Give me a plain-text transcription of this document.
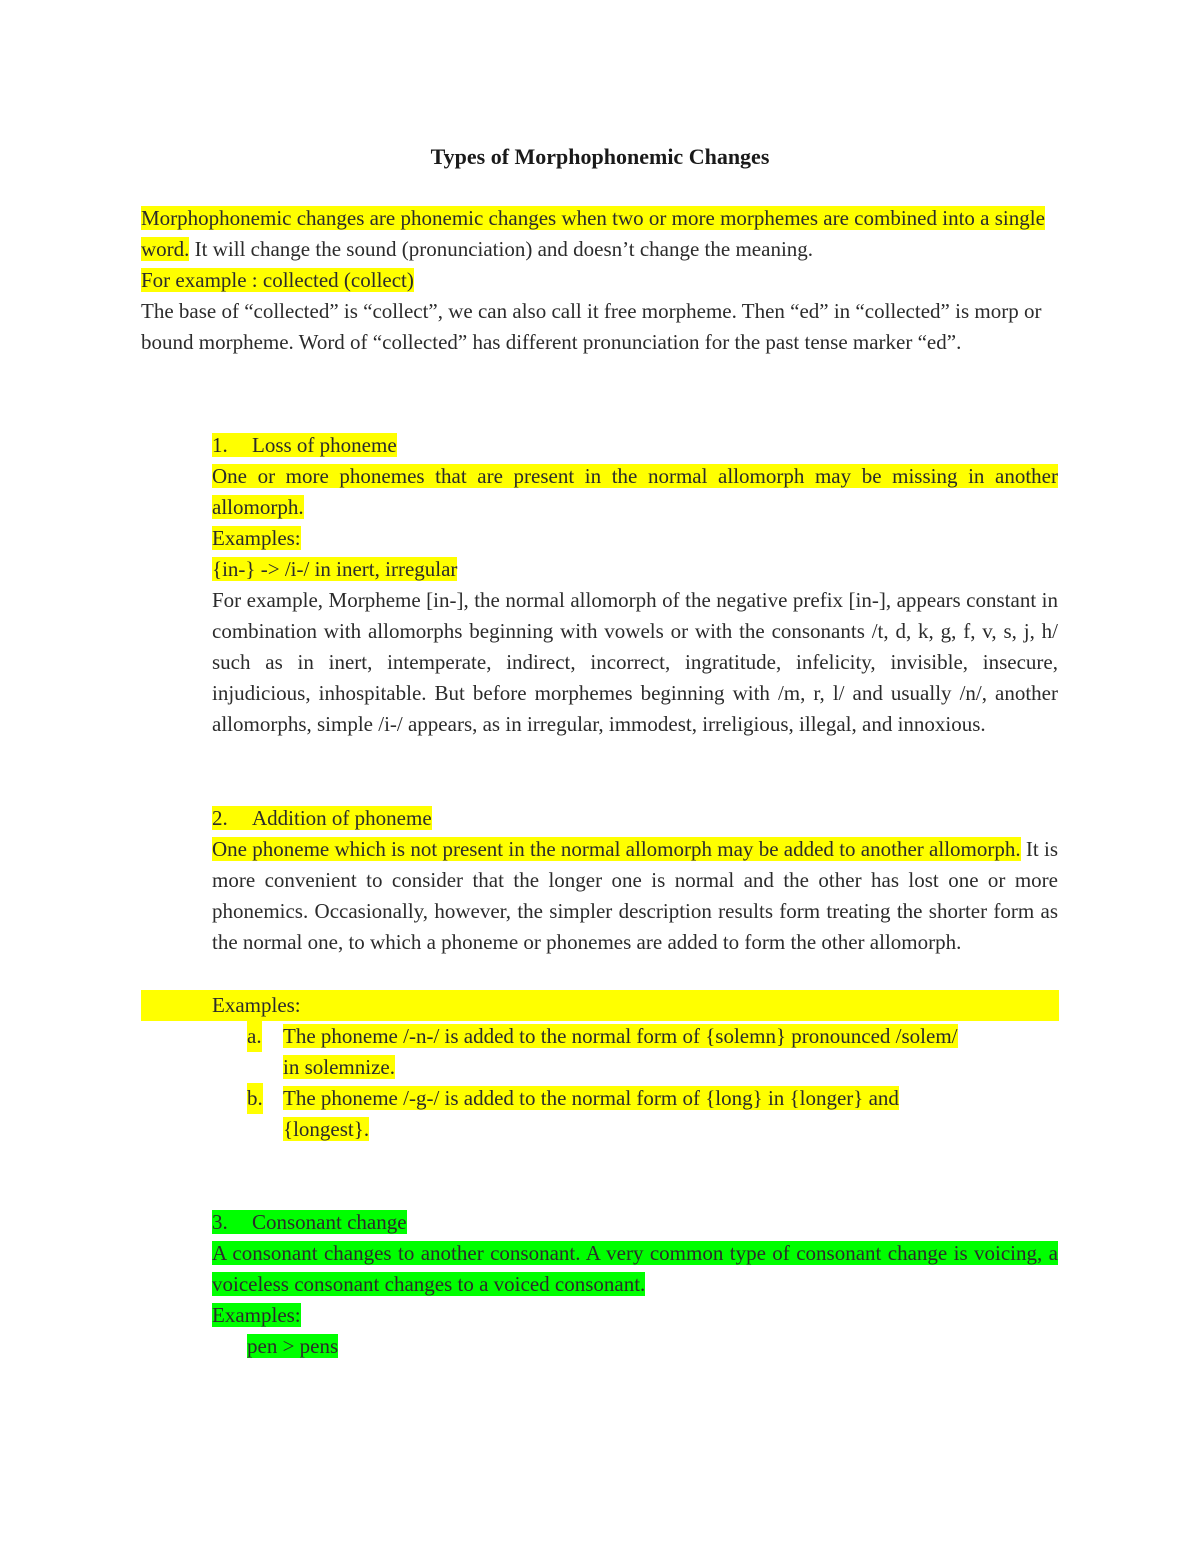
Types of Morphophonemic Changes

Morphophonemic changes are phonemic changes when two or more morphemes are combined into a single word. It will change the sound (pronunciation) and doesn’t change the meaning.

For example : collected (collect)

The base of “collected” is “collect”, we can also call it free morpheme. Then “ed” in “collected” is morp or bound morpheme. Word of “collected” has different pronunciation for the past tense marker “ed”.

1. Loss of phoneme

One or more phonemes that are present in the normal allomorph may be missing in another allomorph.

Examples:

{in-} -> /i-/ in inert, irregular

For example, Morpheme [in-], the normal allomorph of the negative prefix [in-], appears constant in combination with allomorphs beginning with vowels or with the consonants /t, d, k, g, f, v, s, j, h/ such as in inert, intemperate, indirect, incorrect, ingratitude, infelicity, invisible, insecure, injudicious, inhospitable. But before morphemes beginning with /m, r, l/ and usually /n/, another allomorphs, simple /i-/ appears, as in irregular, immodest, irreligious, illegal, and innoxious.

2. Addition of phoneme

One phoneme which is not present in the normal allomorph may be added to another allomorph. It is more convenient to consider that the longer one is normal and the other has lost one or more phonemics. Occasionally, however, the simpler description results form treating the shorter form as the normal one, to which a phoneme or phonemes are added to form the other allomorph.

Examples:

a. The phoneme /-n-/ is added to the normal form of {solemn} pronounced /solem/

in solemnize.

b. The phoneme /-g-/ is added to the normal form of {long} in {longer} and

{longest}.

3. Consonant change

A consonant changes to another consonant. A very common type of consonant change is voicing, a voiceless consonant changes to a voiced consonant.

Examples:

pen > pens
